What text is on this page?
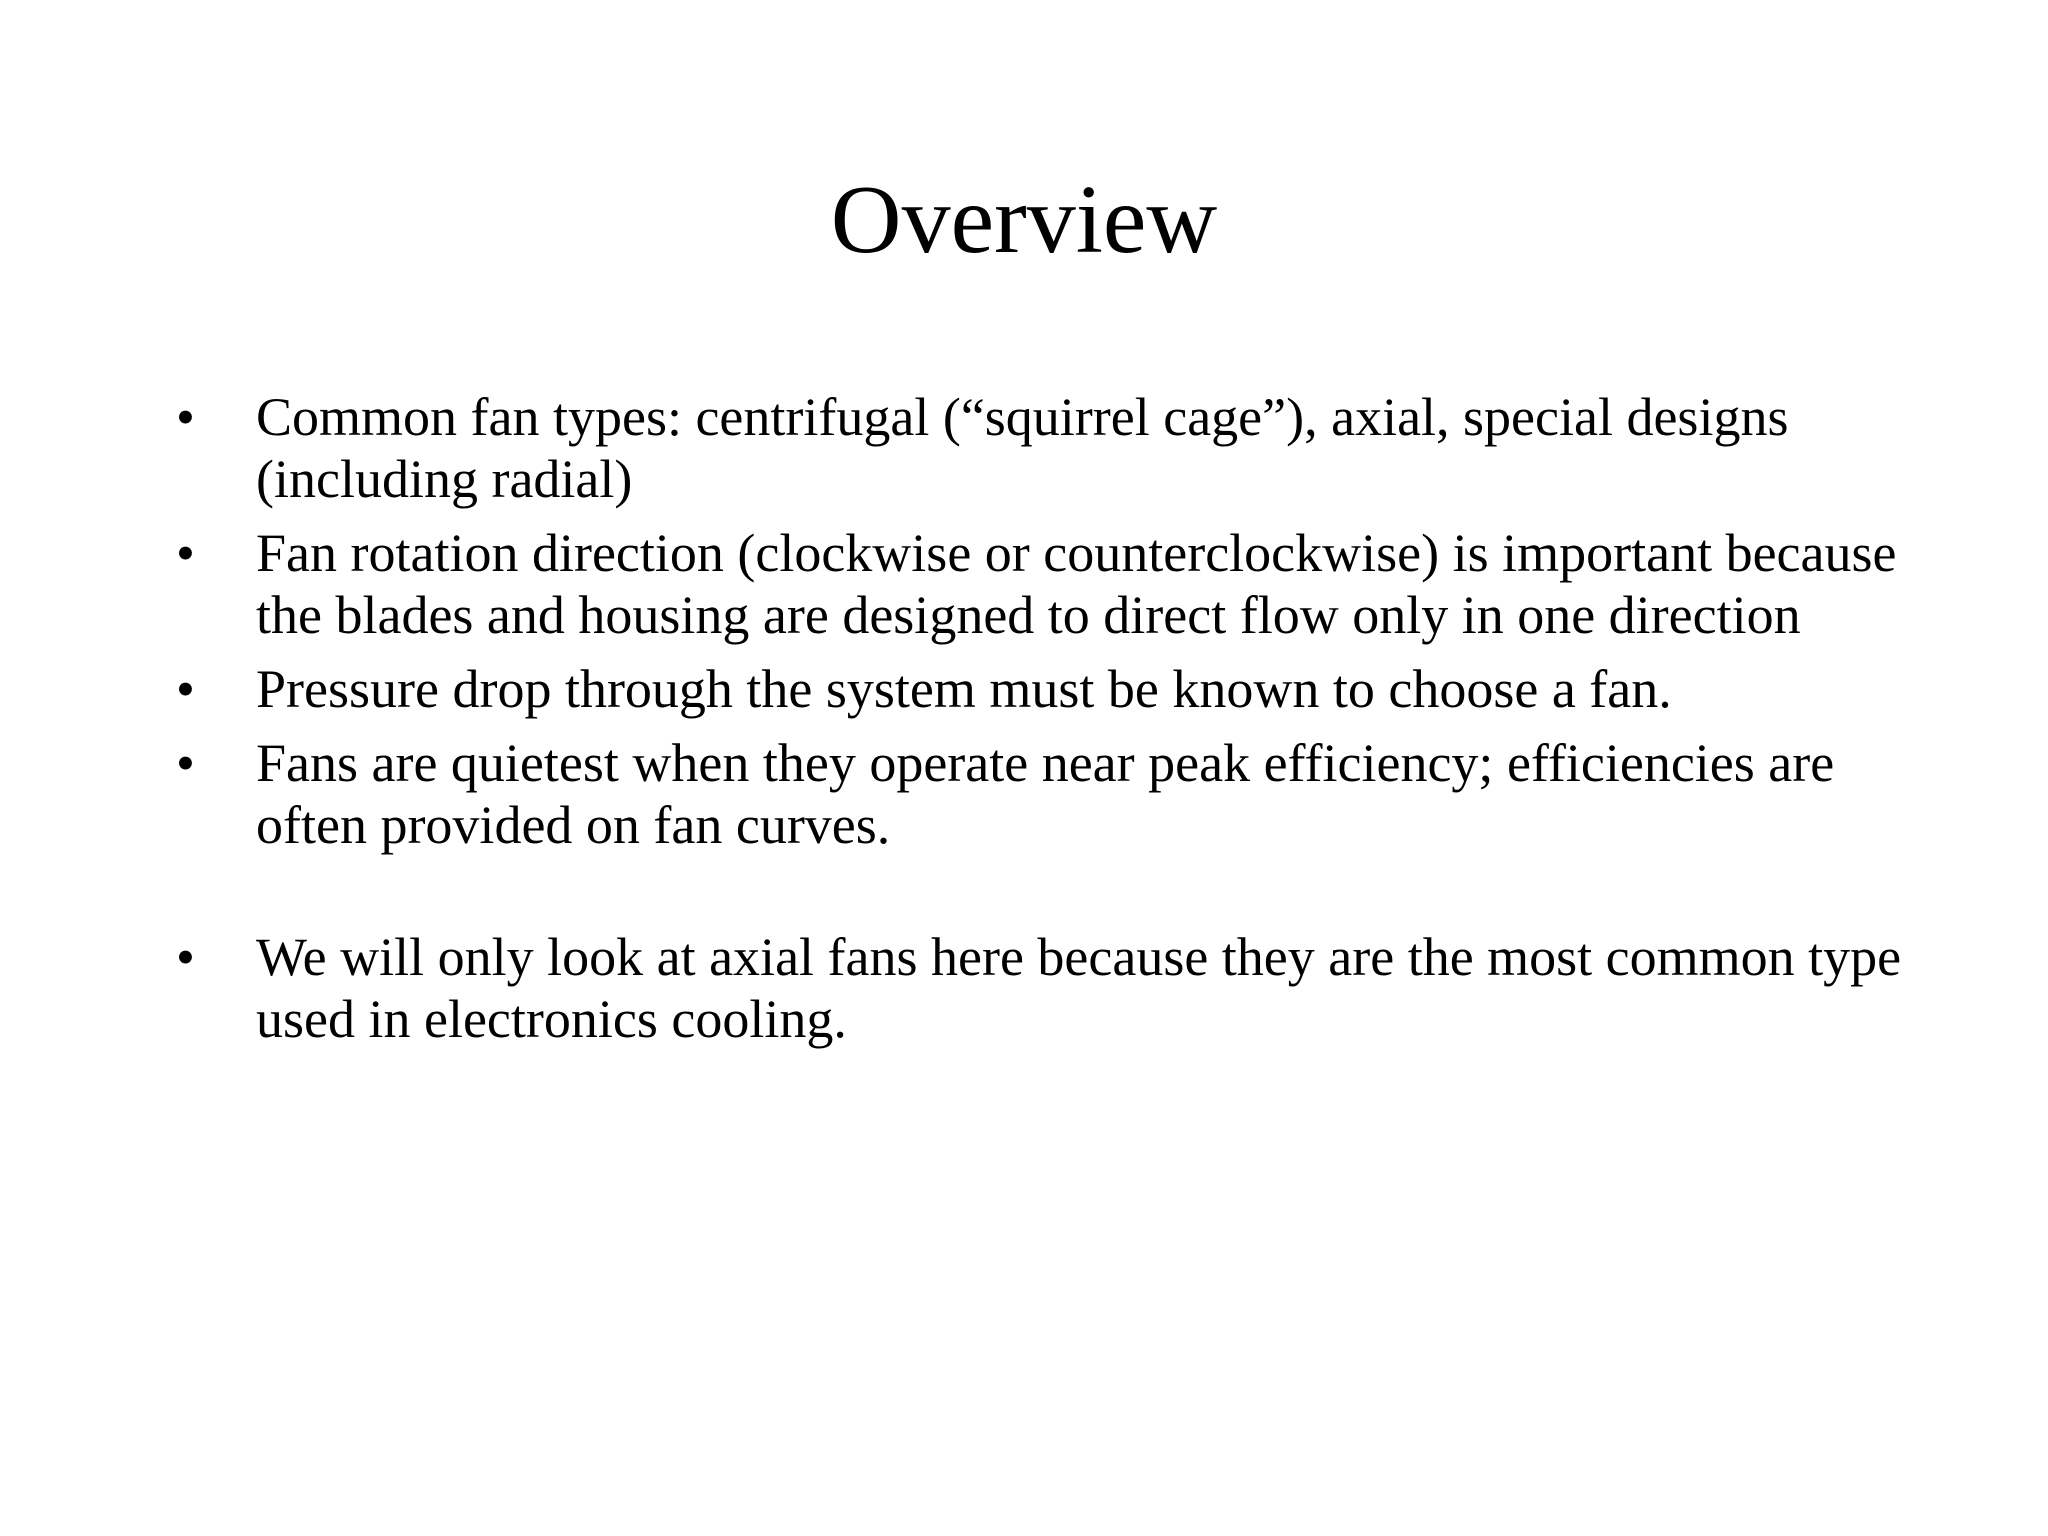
Overview
•	Common fan types: centrifugal (“squirrel cage”), axial, special designs (including radial)
•	Fan rotation direction (clockwise or counterclockwise) is important because the blades and housing are designed to direct flow only in one direction
•	Pressure drop through the system must be known to choose a fan.
•	Fans are quietest when they operate near peak efficiency; efficiencies are often provided on fan curves.
•	We will only look at axial fans here because they are the most common type used in electronics cooling.
